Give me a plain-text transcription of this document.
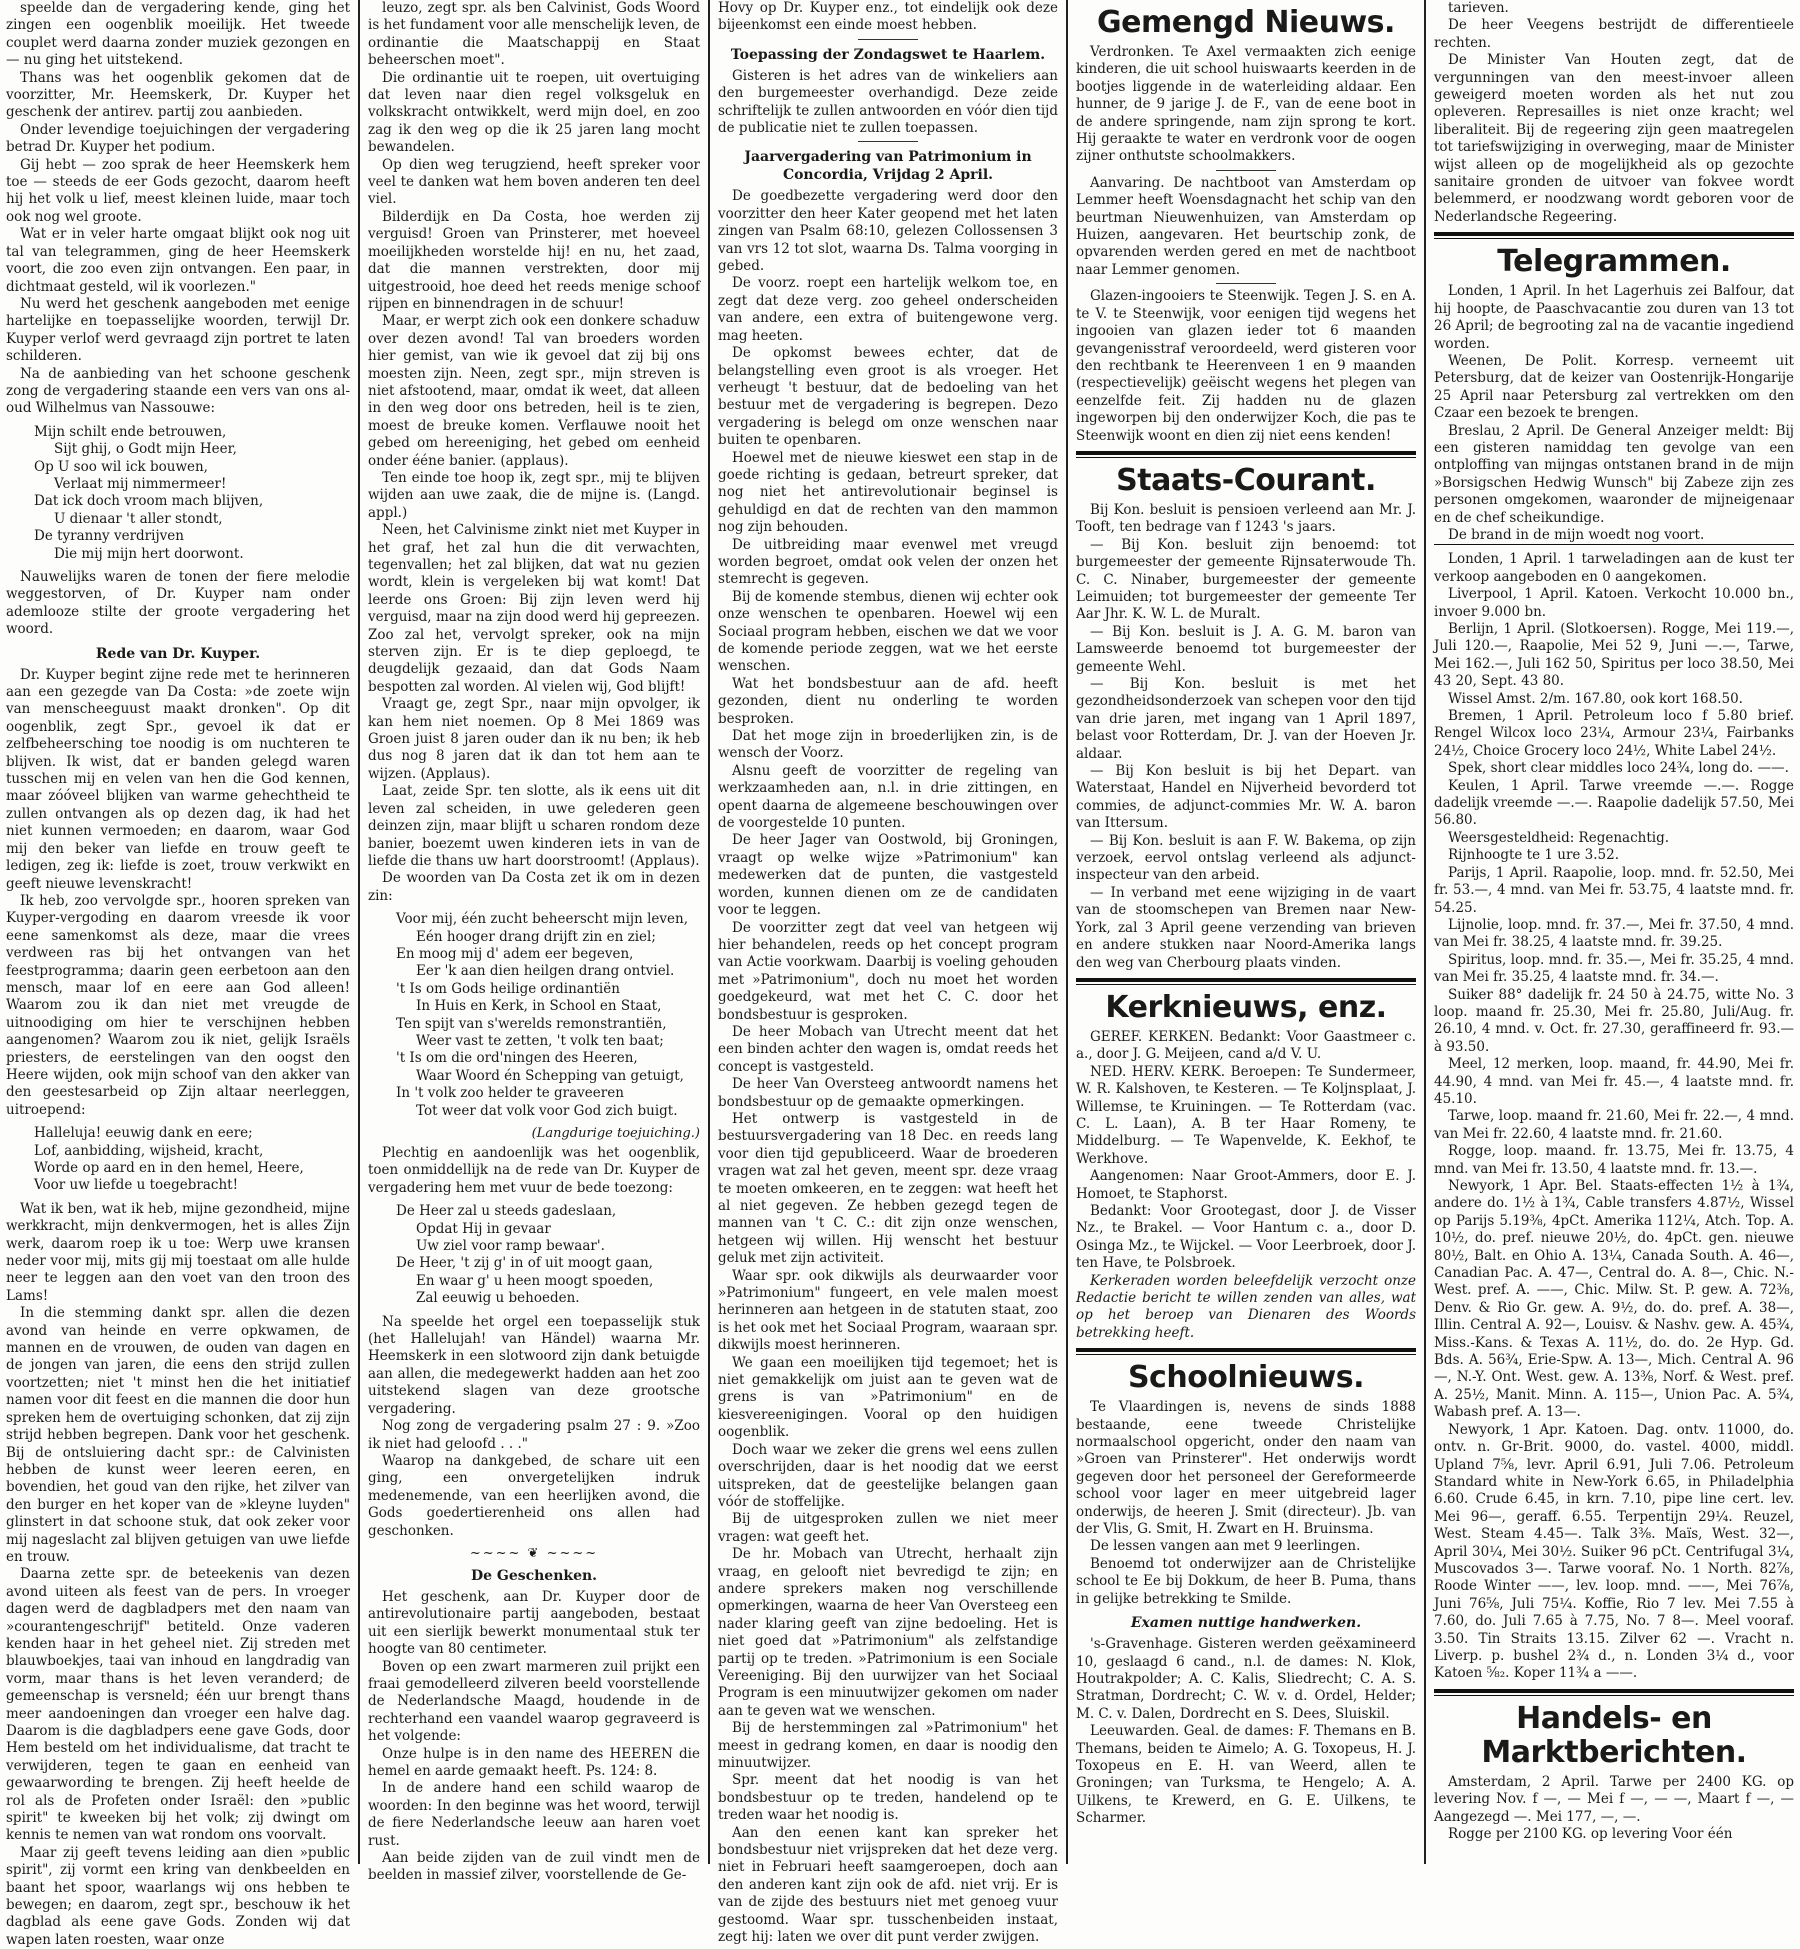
speelde dan de vergadering kende, ging het zingen een oogenblik moeilijk. Het tweede couplet werd daarna zonder muziek gezongen en — nu ging het uitstekend.

Thans was het oogenblik gekomen dat de voorzitter, Mr. Heemskerk, Dr. Kuyper het geschenk der antirev. partij zou aanbieden.

Onder levendige toejuichingen der vergadering betrad Dr. Kuyper het podium.

Gij hebt — zoo sprak de heer Heemskerk hem toe — steeds de eer Gods gezocht, daarom heeft hij het volk u lief, meest kleinen luide, maar toch ook nog wel groote.

Wat er in veler harte omgaat blijkt ook nog uit tal van telegrammen, ging de heer Heemskerk voort, die zoo even zijn ontvangen. Een paar, in dichtmaat gesteld, wil ik voorlezen."

Nu werd het geschenk aangeboden met eenige hartelijke en toepasselijke woorden, terwijl Dr. Kuyper verlof werd gevraagd zijn portret te laten schilderen.

Na de aanbieding van het schoone geschenk zong de vergadering staande een vers van ons al-oud Wilhelmus van Nassouwe:

Mijn schilt ende betrouwen,
Sijt ghij, o Godt mijn Heer,
Op U soo wil ick bouwen,
Verlaat mij nimmermeer!
Dat ick doch vroom mach blijven,
U dienaar 't aller stondt,
De tyranny verdrijven
Die mij mijn hert doorwont.

Nauwelijks waren de tonen der fiere melodie weggestorven, of Dr. Kuyper nam onder ademlooze stilte der groote vergadering het woord.

Rede van Dr. Kuyper.

Dr. Kuyper begint zijne rede met te herinneren aan een gezegde van Da Costa: »de zoete wijn van menscheeguust maakt dronken". Op dit oogenblik, zegt Spr., gevoel ik dat er zelfbeheersching toe noodig is om nuchteren te blijven. Ik wist, dat er banden gelegd waren tusschen mij en velen van hen die God kennen, maar zóóveel blijken van warme gehechtheid te zullen ontvangen als op dezen dag, ik had het niet kunnen vermoeden; en daarom, waar God mij den beker van liefde en trouw geeft te ledigen, zeg ik: liefde is zoet, trouw verkwikt en geeft nieuwe levenskracht!

Ik heb, zoo vervolgde spr., hooren spreken van Kuyper-vergoding en daarom vreesde ik voor eene samenkomst als deze, maar die vrees verdween ras bij het ontvangen van het feestprogramma; daarin geen eerbetoon aan den mensch, maar lof en eere aan God alleen! Waarom zou ik dan niet met vreugde de uitnoodiging om hier te verschijnen hebben aangenomen? Waarom zou ik niet, gelijk Israëls priesters, de eerstelingen van den oogst den Heere wijden, ook mijn schoof van den akker van den geestesarbeid op Zijn altaar neerleggen, uitroepend:

Halleluja! eeuwig dank en eere;
Lof, aanbidding, wijsheid, kracht,
Worde op aard en in den hemel, Heere,
Voor uw liefde u toegebracht!

Wat ik ben, wat ik heb, mijne gezondheid, mijne werkkracht, mijn denkvermogen, het is alles Zijn werk, daarom roep ik u toe: Werp uwe kransen neder voor mij, mits gij mij toestaat om alle hulde neer te leggen aan den voet van den troon des Lams!

In die stemming dankt spr. allen die dezen avond van heinde en verre opkwamen, de mannen en de vrouwen, de ouden van dagen en de jongen van jaren, die eens den strijd zullen voortzetten; niet 't minst hen die het initiatief namen voor dit feest en die mannen die door hun spreken hem de overtuiging schonken, dat zij zijn strijd hebben begrepen. Dank voor het geschenk. Bij de ontsluiering dacht spr.: de Calvinisten hebben de kunst weer leeren eeren, en bovendien, het goud van den rijke, het zilver van den burger en het koper van de »kleyne luyden" glinstert in dat schoone stuk, dat ook zeker voor mij nageslacht zal blijven getuigen van uwe liefde en trouw.

Daarna zette spr. de beteekenis van dezen avond uiteen als feest van de pers. In vroeger dagen werd de dagbladpers met den naam van »courantengeschrijf" betiteld. Onze vaderen kenden haar in het geheel niet. Zij streden met blauwboekjes, taai van inhoud en langdradig van vorm, maar thans is het leven veranderd; de gemeenschap is versneld; één uur brengt thans meer aandoeningen dan vroeger een halve dag. Daarom is die dagbladpers eene gave Gods, door Hem besteld om het individualisme, dat tracht te verwijderen, tegen te gaan en eenheid van gewaarwording te brengen. Zij heeft heelde de rol als de Profeten onder Israël: den »public spirit" te kweeken bij het volk; zij dwingt om kennis te nemen van wat rondom ons voorvalt.

Maar zij geeft tevens leiding aan dien »public spirit", zij vormt een kring van denkbeelden en baant het spoor, waarlangs wij ons hebben te bewegen; en daarom, zegt spr., beschouw ik het dagblad als eene gave Gods. Zonden wij dat wapen laten roesten, waar onze

leuzo, zegt spr. als ben Calvinist, Gods Woord is het fundament voor alle menschelijk leven, de ordinantie die Maatschappij en Staat beheerschen moet".

Die ordinantie uit te roepen, uit overtuiging dat leven naar dien regel volksgeluk en volkskracht ontwikkelt, werd mijn doel, en zoo zag ik den weg op die ik 25 jaren lang mocht bewandelen.

Op dien weg terugziend, heeft spreker voor veel te danken wat hem boven anderen ten deel viel.

Bilderdijk en Da Costa, hoe werden zij verguisd! Groen van Prinsterer, met hoeveel moeilijkheden worstelde hij! en nu, het zaad, dat die mannen verstrekten, door mij uitgestrooid, hoe deed het reeds menige schoof rijpen en binnendragen in de schuur!

Maar, er werpt zich ook een donkere schaduw over dezen avond! Tal van broeders worden hier gemist, van wie ik gevoel dat zij bij ons moesten zijn. Neen, zegt spr., mijn streven is niet afstootend, maar, omdat ik weet, dat alleen in den weg door ons betreden, heil is te zien, moest de breuke komen. Verflauwe nooit het gebed om hereeniging, het gebed om eenheid onder ééne banier. (applaus).

Ten einde toe hoop ik, zegt spr., mij te blijven wijden aan uwe zaak, die de mijne is. (Langd. appl.)

Neen, het Calvinisme zinkt niet met Kuyper in het graf, het zal hun die dit verwachten, tegenvallen; het zal blijken, dat wat nu gezien wordt, klein is vergeleken bij wat komt! Dat leerde ons Groen: Bij zijn leven werd hij verguisd, maar na zijn dood werd hij gepreezen. Zoo zal het, vervolgt spreker, ook na mijn sterven zijn. Er is te diep geploegd, te deugdelijk gezaaid, dan dat Gods Naam bespotten zal worden. Al vielen wij, God blijft!

Vraagt ge, zegt Spr., naar mijn opvolger, ik kan hem niet noemen. Op 8 Mei 1869 was Groen juist 8 jaren ouder dan ik nu ben; ik heb dus nog 8 jaren dat ik dan tot hem aan te wijzen. (Applaus).

Laat, zeide Spr. ten slotte, als ik eens uit dit leven zal scheiden, in uwe gelederen geen deinzen zijn, maar blijft u scharen rondom deze banier, boezemt uwen kinderen iets in van de liefde die thans uw hart doorstroomt! (Applaus).

De woorden van Da Costa zet ik om in dezen zin:

Voor mij, één zucht beheerscht mijn leven,
Eén hooger drang drijft zin en ziel;
En moog mij d' adem eer begeven,
Eer 'k aan dien heilgen drang ontviel.
't Is om Gods heilige ordinantiën
In Huis en Kerk, in School en Staat,
Ten spijt van s'werelds remonstrantiën,
Weer vast te zetten, 't volk ten baat;
't Is om die ord'ningen des Heeren,
Waar Woord én Schepping van getuigt,
In 't volk zoo helder te graveeren
Tot weer dat volk voor God zich buigt.
(Langdurige toejuiching.)

Plechtig en aandoenlijk was het oogenblik, toen onmiddellijk na de rede van Dr. Kuyper de vergadering hem met vuur de bede toezong:

De Heer zal u steeds gadeslaan,
Opdat Hij in gevaar
Uw ziel voor ramp bewaar'.
De Heer, 't zij g' in of uit moogt gaan,
En waar g' u heen moogt spoeden,
Zal eeuwig u behoeden.

Na speelde het orgel een toepasselijk stuk (het Hallelujah! van Händel) waarna Mr. Heemskerk in een slotwoord zijn dank betuigde aan allen, die medegewerkt hadden aan het zoo uitstekend slagen van deze grootsche vergadering.

Nog zong de vergadering psalm 27 : 9. »Zoo ik niet had geloofd . . ."

Waarop na dankgebed, de schare uit een ging, een onvergetelijken indruk medenemende, van een heerlijken avond, die Gods goedertierenheid ons allen had geschonken.

~~~~ ❦ ~~~~
De Geschenken.

Het geschenk, aan Dr. Kuyper door de antirevolutionaire partij aangeboden, bestaat uit een sierlijk bewerkt monumentaal stuk ter hoogte van 80 centimeter.

Boven op een zwart marmeren zuil prijkt een fraai gemodelleerd zilveren beeld voorstellende de Nederlandsche Maagd, houdende in de rechterhand een vaandel waarop gegraveerd is het volgende:

Onze hulpe is in den name des HEEREN die hemel en aarde gemaakt heeft. Ps. 124: 8.

In de andere hand een schild waarop de woorden: In den beginne was het woord, terwijl de fiere Nederlandsche leeuw aan haren voet rust.

Aan beide zijden van de zuil vindt men de beelden in massief zilver, voorstellende de Ge-

Hovy op Dr. Kuyper enz., tot eindelijk ook deze bijeenkomst een einde moest hebben.

Toepassing der Zondagswet te Haarlem.

Gisteren is het adres van de winkeliers aan den burgemeester overhandigd. Deze zeide schriftelijk te zullen antwoorden en vóór dien tijd de publicatie niet te zullen toepassen.

Jaarvergadering van Patrimonium in Concordia, Vrijdag 2 April.

De goedbezette vergadering werd door den voorzitter den heer Kater geopend met het laten zingen van Psalm 68:10, gelezen Collossensen 3 van vrs 12 tot slot, waarna Ds. Talma voorging in gebed.

De voorz. roept een hartelijk welkom toe, en zegt dat deze verg. zoo geheel onderscheiden van andere, een extra of buitengewone verg. mag heeten.

De opkomst bewees echter, dat de belangstelling even groot is als vroeger. Het verheugt 't bestuur, dat de bedoeling van het bestuur met de vergadering is begrepen. Dezo vergadering is belegd om onze wenschen naar buiten te openbaren.

Hoewel met de nieuwe kieswet een stap in de goede richting is gedaan, betreurt spreker, dat nog niet het antirevolutionair beginsel is gehuldigd en dat de rechten van den mammon nog zijn behouden.

De uitbreiding maar evenwel met vreugd worden begroet, omdat ook velen der onzen het stemrecht is gegeven.

Bij de komende stembus, dienen wij echter ook onze wenschen te openbaren. Hoewel wij een Sociaal program hebben, eischen we dat we voor de komende periode zeggen, wat we het eerste wenschen.

Wat het bondsbestuur aan de afd. heeft gezonden, dient nu onderling te worden besproken.

Dat het moge zijn in broederlijken zin, is de wensch der Voorz.

Alsnu geeft de voorzitter de regeling van werkzaamheden aan, n.l. in drie zittingen, en opent daarna de algemeene beschouwingen over de voorgestelde 10 punten.

De heer Jager van Oostwold, bij Groningen, vraagt op welke wijze »Patrimonium" kan medewerken dat de punten, die vastgesteld worden, kunnen dienen om ze de candidaten voor te leggen.

De voorzitter zegt dat veel van hetgeen wij hier behandelen, reeds op het concept program van Actie voorkwam. Daarbij is voeling gehouden met »Patrimonium", doch nu moet het worden goedgekeurd, wat met het C. C. door het bondsbestuur is gesproken.

De heer Mobach van Utrecht meent dat het een binden achter den wagen is, omdat reeds het concept is vastgesteld.

De heer Van Oversteeg antwoordt namens het bondsbestuur op de gemaakte opmerkingen.

Het ontwerp is vastgesteld in de bestuursvergadering van 18 Dec. en reeds lang voor dien tijd gepubliceerd. Waar de broederen vragen wat zal het geven, meent spr. deze vraag te moeten omkeeren, en te zeggen: wat heeft het al niet gegeven. Ze hebben gezegd tegen de mannen van 't C. C.: dit zijn onze wenschen, hetgeen wij willen. Hij wenscht het bestuur geluk met zijn activiteit.

Waar spr. ook dikwijls als deurwaarder voor »Patrimonium" fungeert, en vele malen moest herinneren aan hetgeen in de statuten staat, zoo is het ook met het Sociaal Program, waaraan spr. dikwijls moest herinneren.

We gaan een moeilijken tijd tegemoet; het is niet gemakkelijk om juist aan te geven wat de grens is van »Patrimonium" en de kiesvereenigingen. Vooral op den huidigen oogenblik.

Doch waar we zeker die grens wel eens zullen overschrijden, daar is het noodig dat we eerst uitspreken, dat de geestelijke belangen gaan vóór de stoffelijke.

Bij de uitgesproken zullen we niet meer vragen: wat geeft het.

De hr. Mobach van Utrecht, herhaalt zijn vraag, en gelooft niet bevredigd te zijn; en andere sprekers maken nog verschillende opmerkingen, waarna de heer Van Oversteeg een nader klaring geeft van zijne bedoeling. Het is niet goed dat »Patrimonium" als zelfstandige partij op te treden. »Patrimonium is een Sociale Vereeniging. Bij den uurwijzer van het Sociaal Program is een minuutwijzer gekomen om nader aan te geven wat we wenschen.

Bij de herstemmingen zal »Patrimonium" het meest in gedrang komen, en daar is noodig den minuutwijzer.

Spr. meent dat het noodig is van het bondsbestuur op te treden, handelend op te treden waar het noodig is.

Aan den eenen kant kan spreker het bondsbestuur niet vrijspreken dat het deze verg. niet in Februari heeft saamgeroepen, doch aan den anderen kant zijn ook de afd. niet vrij. Er is van de zijde des bestuurs niet met genoeg vuur gestoomd. Waar spr. tusschenbeiden instaat, zegt hij: laten we over dit punt verder zwijgen.

Gemengd Nieuws.

Verdronken. Te Axel vermaakten zich eenige kinderen, die uit school huiswaarts keerden in de bootjes liggende in de waterleiding aldaar. Een hunner, de 9 jarige J. de F., van de eene boot in de andere springende, nam zijn sprong te kort. Hij geraakte te water en verdronk voor de oogen zijner onthutste schoolmakkers.

Aanvaring. De nachtboot van Amsterdam op Lemmer heeft Woensdagnacht het schip van den beurtman Nieuwenhuizen, van Amsterdam op Huizen, aangevaren. Het beurtschip zonk, de opvarenden werden gered en met de nachtboot naar Lemmer genomen.

Glazen-ingooiers te Steenwijk. Tegen J. S. en A. te V. te Steenwijk, voor eenigen tijd wegens het ingooien van glazen ieder tot 6 maanden gevangenisstraf veroordeeld, werd gisteren voor den rechtbank te Heerenveen 1 en 9 maanden (respectievelijk) geëischt wegens het plegen van eenzelfde feit. Zij hadden nu de glazen ingeworpen bij den onderwijzer Koch, die pas te Steenwijk woont en dien zij niet eens kenden!

Staats-Courant.

Bij Kon. besluit is pensioen verleend aan Mr. J. Tooft, ten bedrage van f 1243 's jaars.

— Bij Kon. besluit zijn benoemd: tot burgemeester der gemeente Rijnsaterwoude Th. C. C. Ninaber, burgemeester der gemeente Leimuiden; tot burgemeester der gemeente Ter Aar Jhr. K. W. L. de Muralt.

— Bij Kon. besluit is J. A. G. M. baron van Lamsweerde benoemd tot burgemeester der gemeente Wehl.

— Bij Kon. besluit is met het gezondheidsonderzoek van schepen voor den tijd van drie jaren, met ingang van 1 April 1897, belast voor Rotterdam, Dr. J. van der Hoeven Jr. aldaar.

— Bij Kon besluit is bij het Depart. van Waterstaat, Handel en Nijverheid bevorderd tot commies, de adjunct-commies Mr. W. A. baron van Ittersum.

— Bij Kon. besluit is aan F. W. Bakema, op zijn verzoek, eervol ontslag verleend als adjunct-inspecteur van den arbeid.

— In verband met eene wijziging in de vaart van de stoomschepen van Bremen naar New-York, zal 3 April geene verzending van brieven en andere stukken naar Noord-Amerika langs den weg van Cherbourg plaats vinden.

Kerknieuws, enz.

GEREF. KERKEN. Bedankt: Voor Gaastmeer c. a., door J. G. Meijeen, cand a/d V. U.

NED. HERV. KERK. Beroepen: Te Sundermeer, W. R. Kalshoven, te Kesteren. — Te Koljnsplaat, J. Willemse, te Kruiningen. — Te Rotterdam (vac. C. L. Laan), A. B ter Haar Romeny, te Middelburg. — Te Wapenvelde, K. Eekhof, te Werkhove.

Aangenomen: Naar Groot-Ammers, door E. J. Homoet, te Staphorst.

Bedankt: Voor Grootegast, door J. de Visser Nz., te Brakel. — Voor Hantum c. a., door D. Osinga Mz., te Wijckel. — Voor Leerbroek, door J. ten Have, te Polsbroek.

Kerkeraden worden beleefdelijk verzocht onze Redactie bericht te willen zenden van alles, wat op het beroep van Dienaren des Woords betrekking heeft.

Schoolnieuws.

Te Vlaardingen is, nevens de sinds 1888 bestaande, eene tweede Christelijke normaalschool opgericht, onder den naam van »Groen van Prinsterer". Het onderwijs wordt gegeven door het personeel der Gereformeerde school voor lager en meer uitgebreid lager onderwijs, de heeren J. Smit (directeur). Jb. van der Vlis, G. Smit, H. Zwart en H. Bruinsma.

De lessen vangen aan met 9 leerlingen.

Benoemd tot onderwijzer aan de Christelijke school te Ee bij Dokkum, de heer B. Puma, thans in gelijke betrekking te Smilde.

Examen nuttige handwerken.

's-Gravenhage. Gisteren werden geëxamineerd 10, geslaagd 6 cand., n.l. de dames: N. Klok, Houtrakpolder; A. C. Kalis, Sliedrecht; C. A. S. Stratman, Dordrecht; C. W. v. d. Ordel, Helder; M. C. v. Dalen, Dordrecht en S. Dees, Sluiskil.

Leeuwarden. Geal. de dames: F. Themans en B. Themans, beiden te Aimelo; A. G. Toxopeus, H. J. Toxopeus en E. H. van Weerd, allen te Groningen; van Turksma, te Hengelo; A. A. Uilkens, te Krewerd, en G. E. Uilkens, te Scharmer.

tarieven.

De heer Veegens bestrijdt de differentieele rechten.

De Minister Van Houten zegt, dat de vergunningen van den meest-invoer alleen geweigerd moeten worden als het nut zou opleveren. Represailles is niet onze kracht; wel liberaliteit. Bij de regeering zijn geen maatregelen tot tariefswijziging in overweging, maar de Minister wijst alleen op de mogelijkheid als op gezochte sanitaire gronden de uitvoer van fokvee wordt belemmerd, er noodzwang wordt geboren voor de Nederlandsche Regeering.

Telegrammen.

Londen, 1 April. In het Lagerhuis zei Balfour, dat hij hoopte, de Paaschvacantie zou duren van 13 tot 26 April; de begrooting zal na de vacantie ingediend worden.

Weenen, De Polit. Korresp. verneemt uit Petersburg, dat de keizer van Oostenrijk-Hongarije 25 April naar Petersburg zal vertrekken om den Czaar een bezoek te brengen.

Breslau, 2 April. De General Anzeiger meldt: Bij een gisteren namiddag ten gevolge van een ontploffing van mijngas ontstanen brand in de mijn »Borsigschen Hedwig Wunsch" bij Zabeze zijn zes personen omgekomen, waaronder de mijneigenaar en de chef scheikundige.

De brand in de mijn woedt nog voort.

Londen, 1 April. 1 tarweladingen aan de kust ter verkoop aangeboden en 0 aangekomen.

Liverpool, 1 April. Katoen. Verkocht 10.000 bn., invoer 9.000 bn.

Berlijn, 1 April. (Slotkoersen). Rogge, Mei 119.—, Juli 120.—, Raapolie, Mei 52 9, Juni —.—, Tarwe, Mei 162.—, Juli 162 50, Spiritus per loco 38.50, Mei 43 20, Sept. 43 80.

Wissel Amst. 2/m. 167.80, ook kort 168.50.

Bremen, 1 April. Petroleum loco f 5.80 brief. Rengel Wilcox loco 23¼, Armour 23¼, Fairbanks 24½, Choice Grocery loco 24½, White Label 24½.

Spek, short clear middles loco 24¾, long do. ——.

Keulen, 1 April. Tarwe vreemde —.—. Rogge dadelijk vreemde —.—. Raapolie dadelijk 57.50, Mei 56.80.

Weersgesteldheid: Regenachtig.

Rijnhoogte te 1 ure 3.52.

Parijs, 1 April. Raapolie, loop. mnd. fr. 52.50, Mei fr. 53.—, 4 mnd. van Mei fr. 53.75, 4 laatste mnd. fr. 54.25.

Lijnolie, loop. mnd. fr. 37.—, Mei fr. 37.50, 4 mnd. van Mei fr. 38.25, 4 laatste mnd. fr. 39.25.

Spiritus, loop. mnd. fr. 35.—, Mei fr. 35.25, 4 mnd. van Mei fr. 35.25, 4 laatste mnd. fr. 34.—.

Suiker 88° dadelijk fr. 24 50 à 24.75, witte No. 3 loop. maand fr. 25.30, Mei fr. 25.80, Juli/Aug. fr. 26.10, 4 mnd. v. Oct. fr. 27.30, geraffineerd fr. 93.— à 93.50.

Meel, 12 merken, loop. maand, fr. 44.90, Mei fr. 44.90, 4 mnd. van Mei fr. 45.—, 4 laatste mnd. fr. 45.10.

Tarwe, loop. maand fr. 21.60, Mei fr. 22.—, 4 mnd. van Mei fr. 22.60, 4 laatste mnd. fr. 21.60.

Rogge, loop. maand. fr. 13.75, Mei fr. 13.75, 4 mnd. van Mei fr. 13.50, 4 laatste mnd. fr. 13.—.

Newyork, 1 Apr. Bel. Staats-effecten 1½ à 1¾, andere do. 1½ à 1¾, Cable transfers 4.87½, Wissel op Parijs 5.19⅜, 4pCt. Amerika 112¼, Atch. Top. A. 10½, do. pref. nieuwe 20½, do. 4pCt. gen. nieuwe 80½, Balt. en Ohio A. 13¼, Canada South. A. 46—, Canadian Pac. A. 47—, Central do. A. 8—, Chic. N.-West. pref. A. ——, Chic. Milw. St. P. gew. A. 72⅜, Denv. & Rio Gr. gew. A. 9½, do. do. pref. A. 38—, Illin. Central A. 92—, Louisv. & Nashv. gew. A. 45¾, Miss.-Kans. & Texas A. 11½, do. do. 2e Hyp. Gd. Bds. A. 56¾, Erie-Spw. A. 13—, Mich. Central A. 96—, N.-Y. Ont. West. gew. A. 13⅜, Norf. & West. pref. A. 25½, Manit. Minn. A. 115—, Union Pac. A. 5¾, Wabash pref. A. 13—.

Newyork, 1 Apr. Katoen. Dag. ontv. 11000, do. ontv. n. Gr-Brit. 9000, do. vastel. 4000, middl. Upland 7⅝, levr. April 6.91, Juli 7.06. Petroleum Standard white in New-York 6.65, in Philadelphia 6.60. Crude 6.45, in krn. 7.10, pipe line cert. lev. Mei 96—, geraff. 6.55. Terpentijn 29¼. Reuzel, West. Steam 4.45—. Talk 3⅜. Maïs, West. 32—, April 30¼, Mei 30½. Suiker 96 pCt. Centrifugal 3¼, Muscovados 3—. Tarwe vooraf. No. 1 North. 82⅞, Roode Winter ——, lev. loop. mnd. ——, Mei 76⅞, Juni 76⅝, Juli 75¼. Koffie, Rio 7 lev. Mei 7.55 à 7.60, do. Juli 7.65 à 7.75, No. 7 8—. Meel vooraf. 3.50. Tin Straits 13.15. Zilver 62 —. Vracht n. Liverp. p. bushel 2¾ d., n. Londen 3¼ d., voor Katoen ⅝₂. Koper 11¾ a ——.

Handels- en Marktberichten.

Amsterdam, 2 April. Tarwe per 2400 KG. op levering Nov. f —, — Mei f —, — —, Maart f —, — Aangezegd —. Mei 177, —, —.

Rogge per 2100 KG. op levering Voor één
